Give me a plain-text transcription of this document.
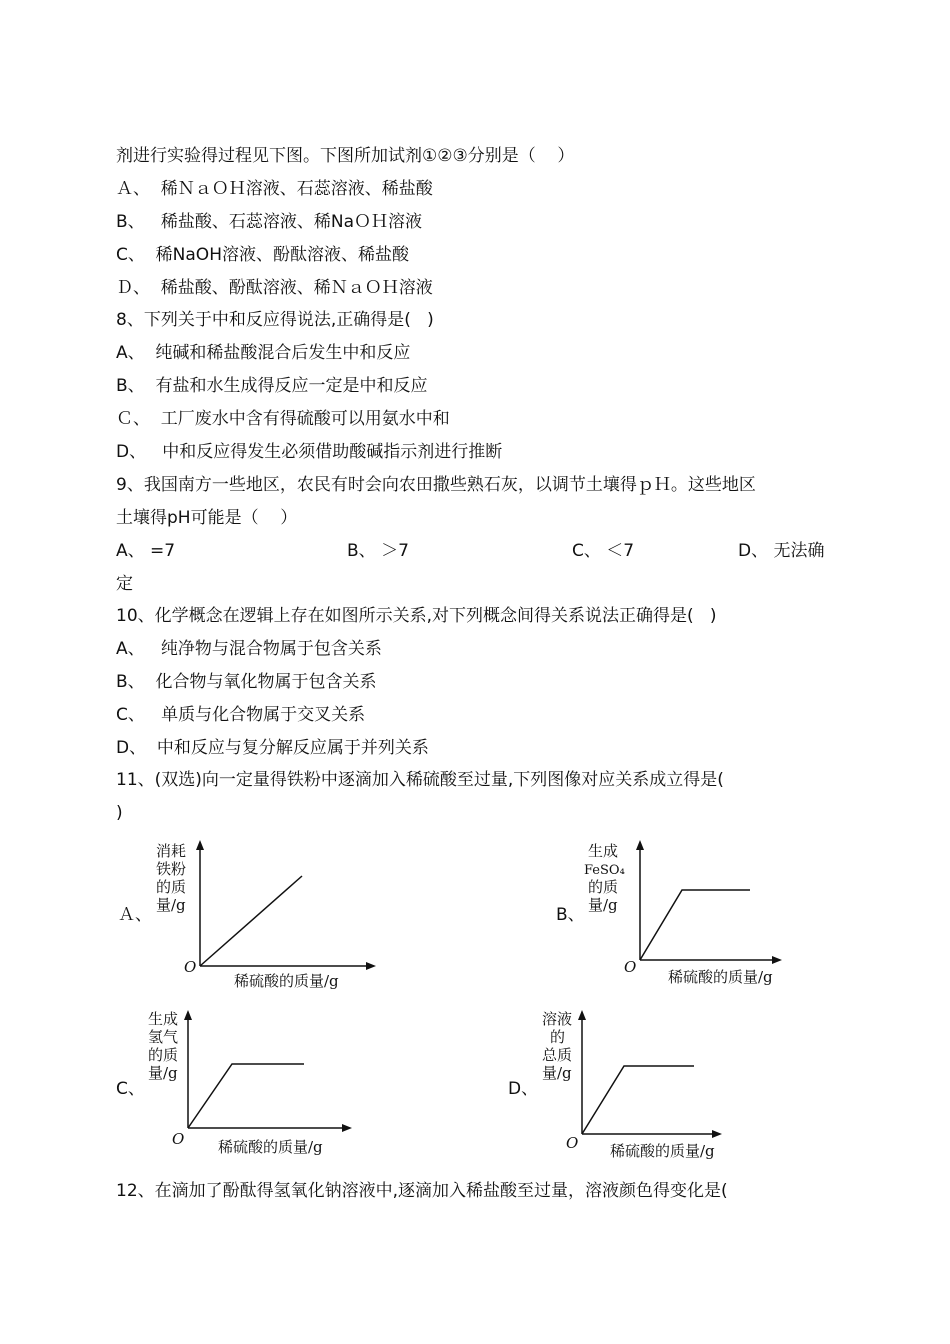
剂进行实验得过程见下图。下图所加试剂①②③分别是（    ）
Ａ、  稀ＮａＯＨ溶液、石蕊溶液、稀盐酸
B、   稀盐酸、石蕊溶液、稀NaＯＨ溶液
C、  稀NaOH溶液、酚酞溶液、稀盐酸
Ｄ、  稀盐酸、酚酞溶液、稀ＮａＯＨ溶液
8、下列关于中和反应得说法,正确得是(   )
A、  纯碱和稀盐酸混合后发生中和反应
B、  有盐和水生成得反应一定是中和反应
Ｃ、  工厂废水中含有得硫酸可以用氨水中和
D、   中和反应得发生必须借助酸碱指示剂进行推断
9、我国南方一些地区，农民有时会向农田撒些熟石灰，以调节土壤得ｐＨ。这些地区
土壤得pH可能是（    ）
A、 =7	B、 ＞7	C、 ＜7	D、 无法确
定
10、化学概念在逻辑上存在如图所示关系,对下列概念间得关系说法正确得是(   )
A、   纯净物与混合物属于包含关系
B、  化合物与氧化物属于包含关系
C、   单质与化合物属于交叉关系
D、  中和反应与复分解反应属于并列关系
11、(双选)向一定量得铁粉中逐滴加入稀硫酸至过量,下列图像对应关系成立得是(
)
Ａ、
消耗
铁粉
的质
量/g
O
稀硫酸的质量/g
B、
生成
FeSO₄
的质
量/g
O
稀硫酸的质量/g
C、
生成
氢气
的质
量/g
O 稀硫酸的质量/g
D、
溶液
的
总质
量/g
O 稀硫酸的质量/g
12、在滴加了酚酞得氢氧化钠溶液中,逐滴加入稀盐酸至过量，溶液颜色得变化是(
